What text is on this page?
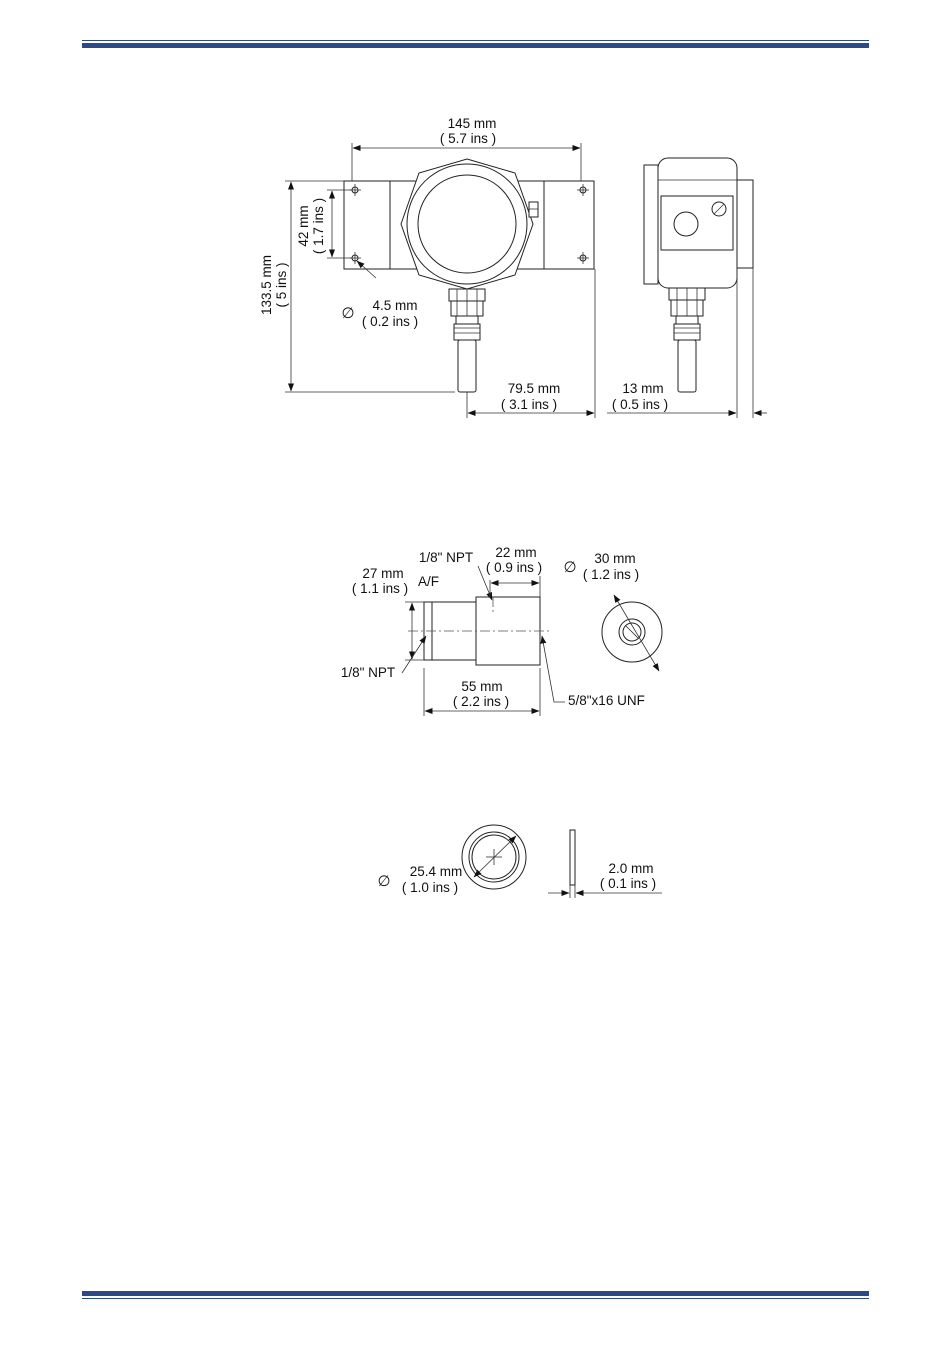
145 mm
( 5.7 ins )
42 mm ( 1.7 ins )
133.5 mm ( 5 ins )
∅ 4.5 mm
( 0.2 ins )
79.5 mm
( 3.1 ins )
13 mm
( 0.5 ins )
1/8" NPT 22 mm
( 0.9 ins )
27 mm
( 1.1 ins ) A/F
1/8" NPT
55 mm
( 2.2 ins )	5/8"x16 UNF
∅
30 mm
( 1.2 ins )
∅
25.4 mm
( 1.0 ins )
2.0 mm
( 0.1 ins )
